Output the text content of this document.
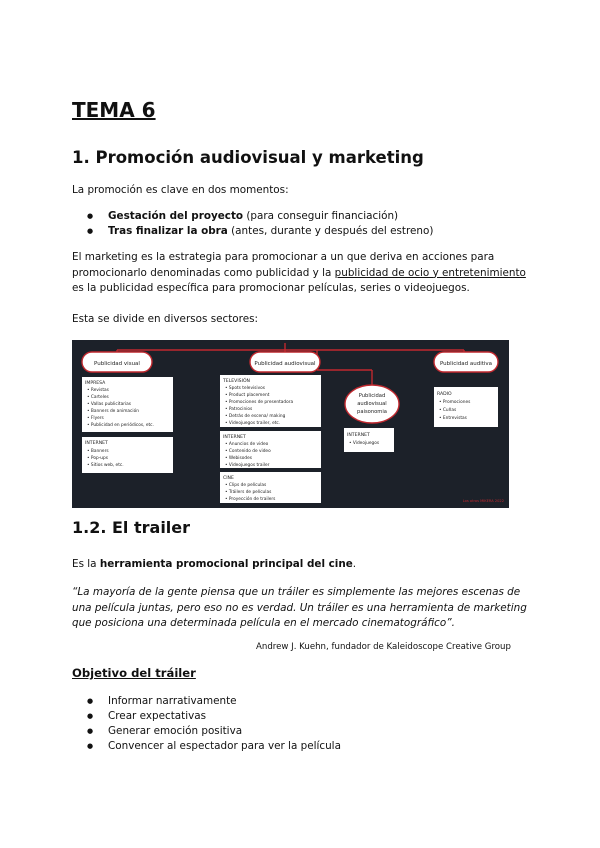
TEMA 6
1. Promoción audiovisual y marketing

La promoción es clave en dos momentos:

● Gestación del proyecto (para conseguir financiación)
● Tras finalizar la obra (antes, durante y después del estreno)

El marketing es la estrategia para promocionar a un que deriva en acciones para promocionarlo denominadas como publicidad y la publicidad de ocio y entretenimiento es la publicidad específica para promocionar películas, series o videojuegos.

Esta se divide en diversos sectores:

Publicidad visual	Publicidad audiovisual	Publicidad auditiva
Publicidad
audiovisual
paisonomia
IMPRESA
• Revistas
• Carteles
• Vallas publicitarias
• Banners de animación
• Flyers
• Publicidad en periódicos, etc.
INTERNET
• Banners
• Pop-ups
• Sitios web, etc.
TELEVISIÓN
• Spots televisivos
• Product placement
• Promociones de presentadora
• Patrocinios
• Detrás de escena/ making
• Videojuegos trailer, etc.
INTERNET
• Anuncios de video
• Contenido de video
• Webisodes
• Videojuegos trailer
CINE
• Clips de películas
• Tráilers de películas
• Proyección de trailers
INTERNET
• Videojuegos
RADIO
• Promociones
• Cuñas
• Entrevistas
Los otros MIKERA 2022
1.2. El trailer

Es la herramienta promocional principal del cine.

“La mayoría de la gente piensa que un tráiler es simplemente las mejores escenas de una película juntas, pero eso no es verdad. Un tráiler es una herramienta de marketing que posiciona una determinada película en el mercado cinematográfico”.

Andrew J. Kuehn, fundador de Kaleidoscope Creative Group

Objetivo del tráiler
● Informar narrativamente
● Crear expectativas
● Generar emoción positiva
● Convencer al espectador para ver la película
